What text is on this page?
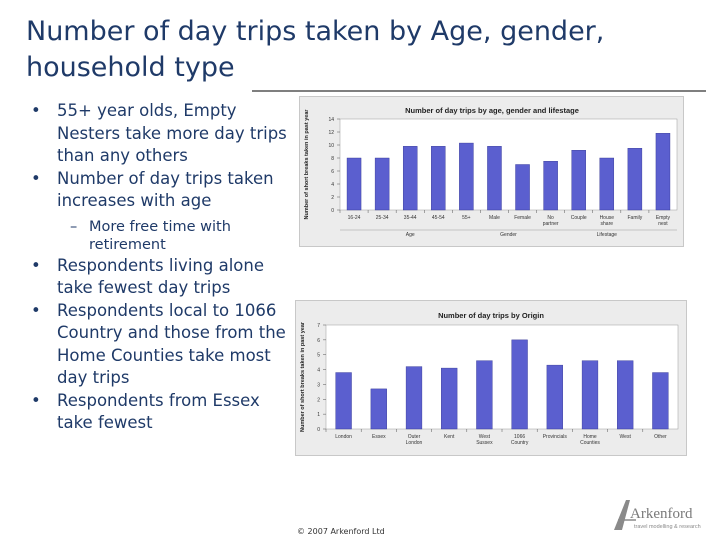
Number of day trips taken by Age, gender, household type

• 55+ year olds, Empty Nesters take more day trips than any others

• Number of day trips taken increases with age

– More free time with retirement

• Respondents living alone take fewest day trips

• Respondents local to 1066 Country and those from the Home Counties take most day trips

• Respondents from Essex take fewest

Number of day trips by age, gender and lifestage
Number of short breaks taken in past year	0
2
4
6
8
10
12
14
16-24	25-34	35-44	45-54	55+	Male	Female	No
partner
Couple	House
share
Family	Empty
nest
Age	Gender	Lifestage
Number of day trips by Origin
Number of short breaks taken in past year 0
1
2
3
4
5
6
7
London	Essex	Outer
London
Kent	West
Sussex
1066
Country
Provincials	Home
Counties
West	Other
© 2007 Arkenford Ltd
Arkenford
travel modelling & research
